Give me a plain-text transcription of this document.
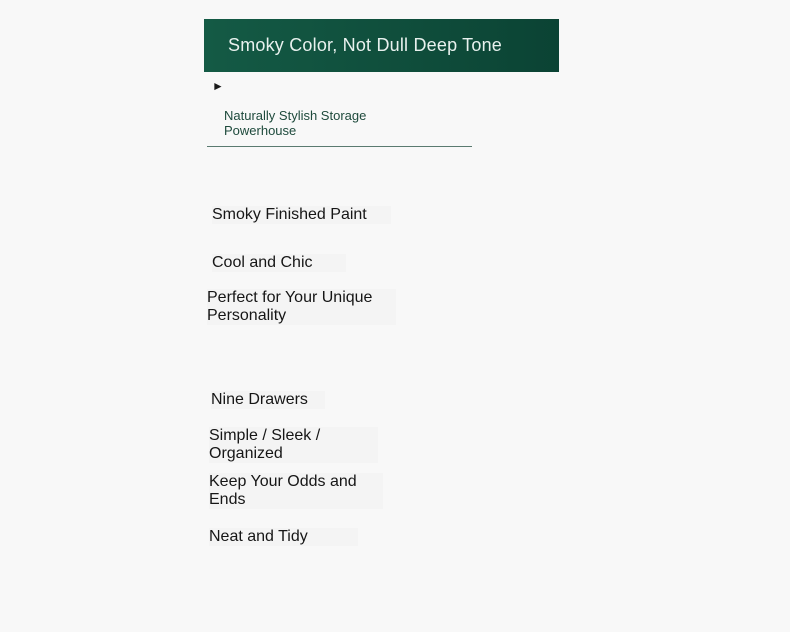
Smoky Color, Not Dull Deep Tone
►
Naturally Stylish Storage Powerhouse
Smoky Finished Paint
Cool and Chic
Perfect for Your Unique Personality
Nine Drawers
Simple / Sleek / Organized
Keep Your Odds and Ends
Neat and Tidy
